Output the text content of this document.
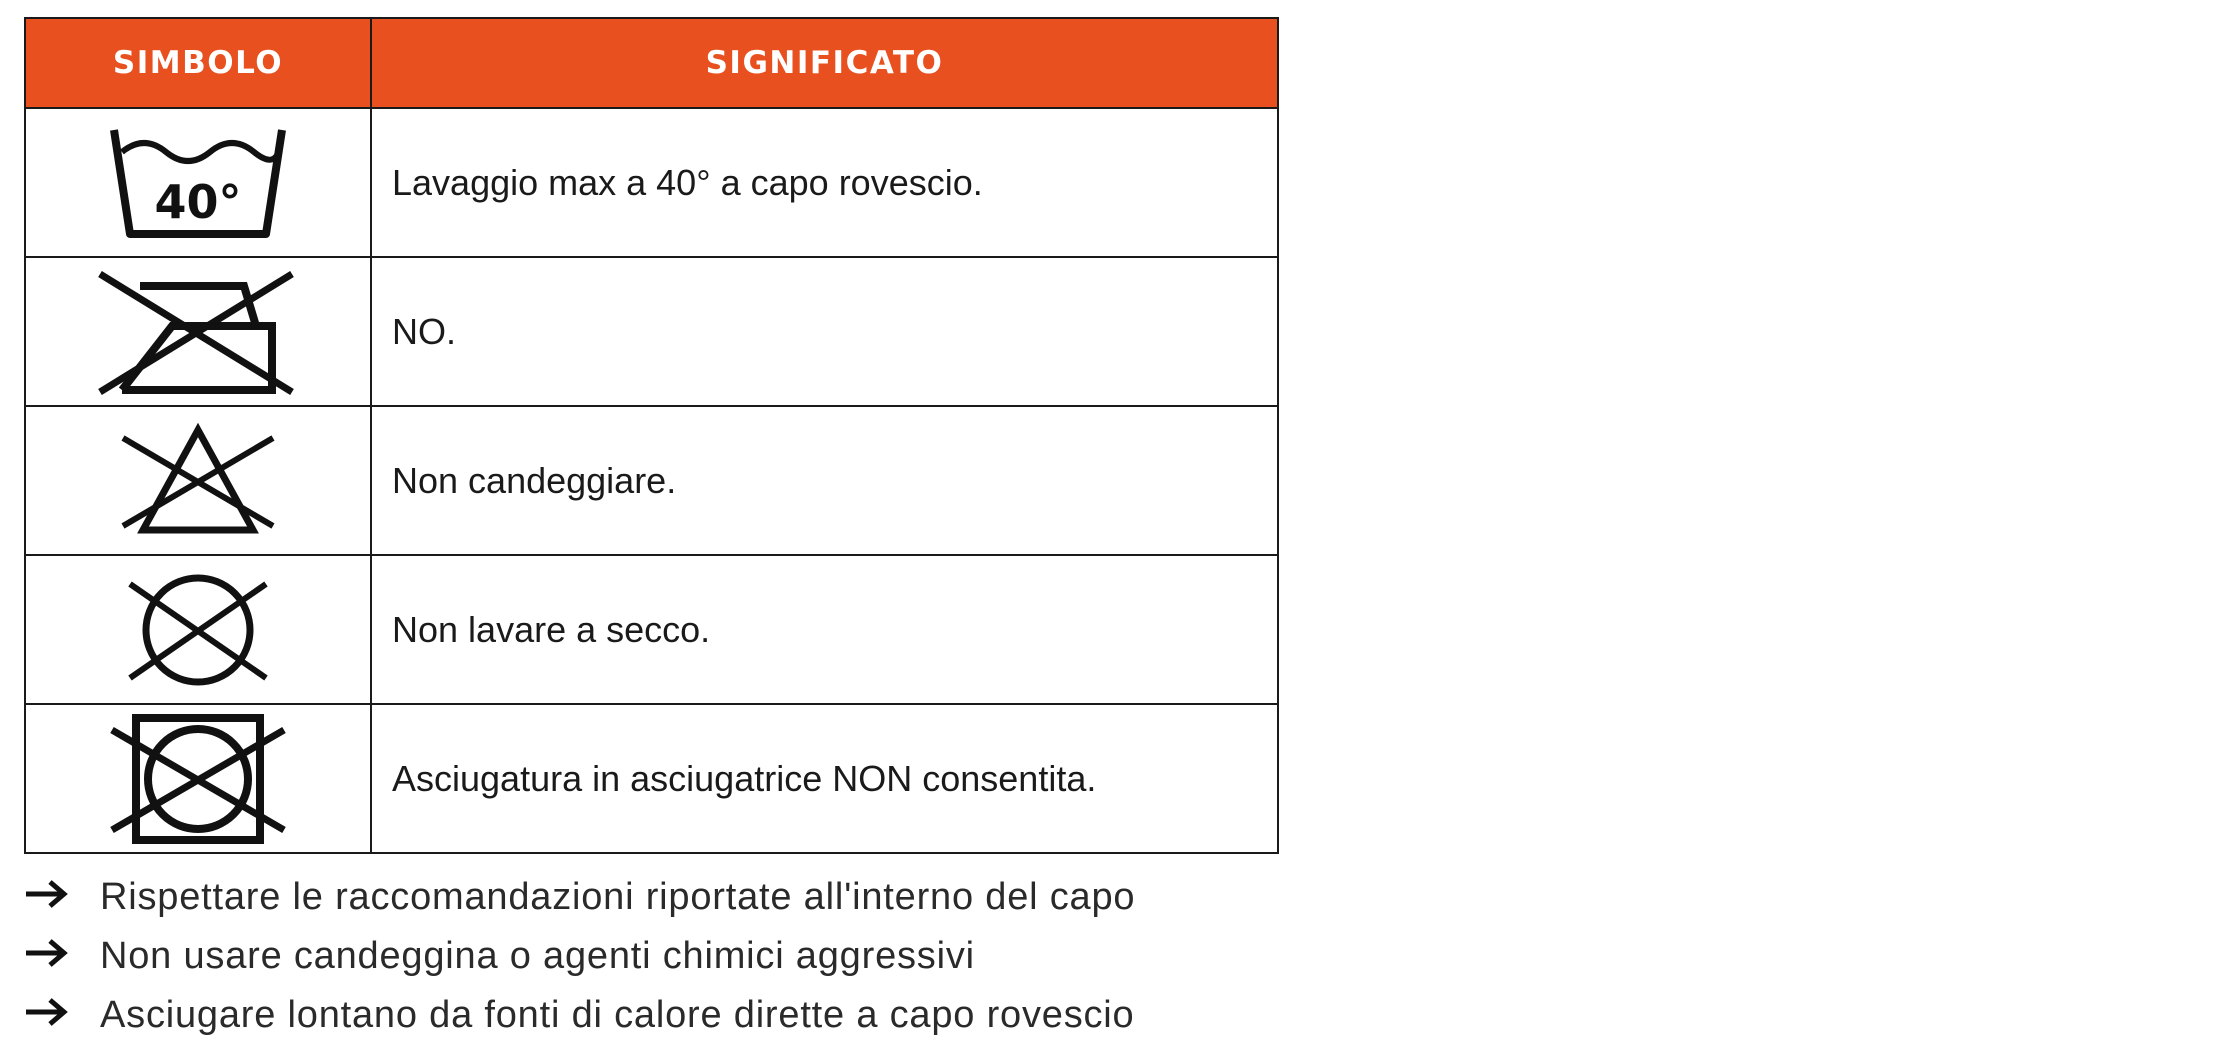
SIMBOLO	SIGNIFICATO

40°	Lavaggio max a 40° a capo rovescio.

	NO.

	Non candeggiare.

	Non lavare a secco.

	Asciugatura in asciugatrice NON consentita.
Rispettare le raccomandazioni riportate all'interno del capo
Non usare candeggina o agenti chimici aggressivi
Asciugare lontano da fonti di calore dirette a capo rovescio
